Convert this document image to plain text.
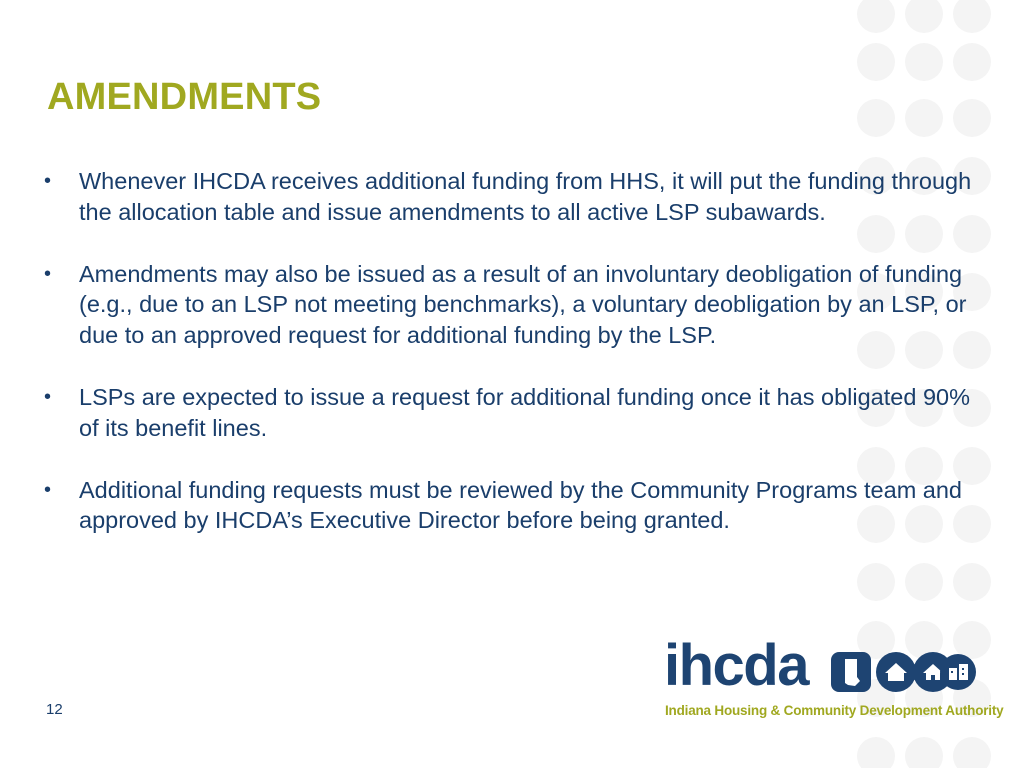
AMENDMENTS
•	Whenever IHCDA receives additional funding from HHS, it will put the funding through the allocation table and issue amendments to all active LSP subawards.
•	Amendments may also be issued as a result of an involuntary deobligation of funding (e.g., due to an LSP not meeting benchmarks), a voluntary deobligation by an LSP, or due to an approved request for additional funding by the LSP.
•	LSPs are expected to issue a request for additional funding once it has obligated 90% of its benefit lines.
•	Additional funding requests must be reviewed by the Community Programs team and approved by IHCDA’s Executive Director before being granted.
12
ihcda
Indiana Housing & Community Development Authority
